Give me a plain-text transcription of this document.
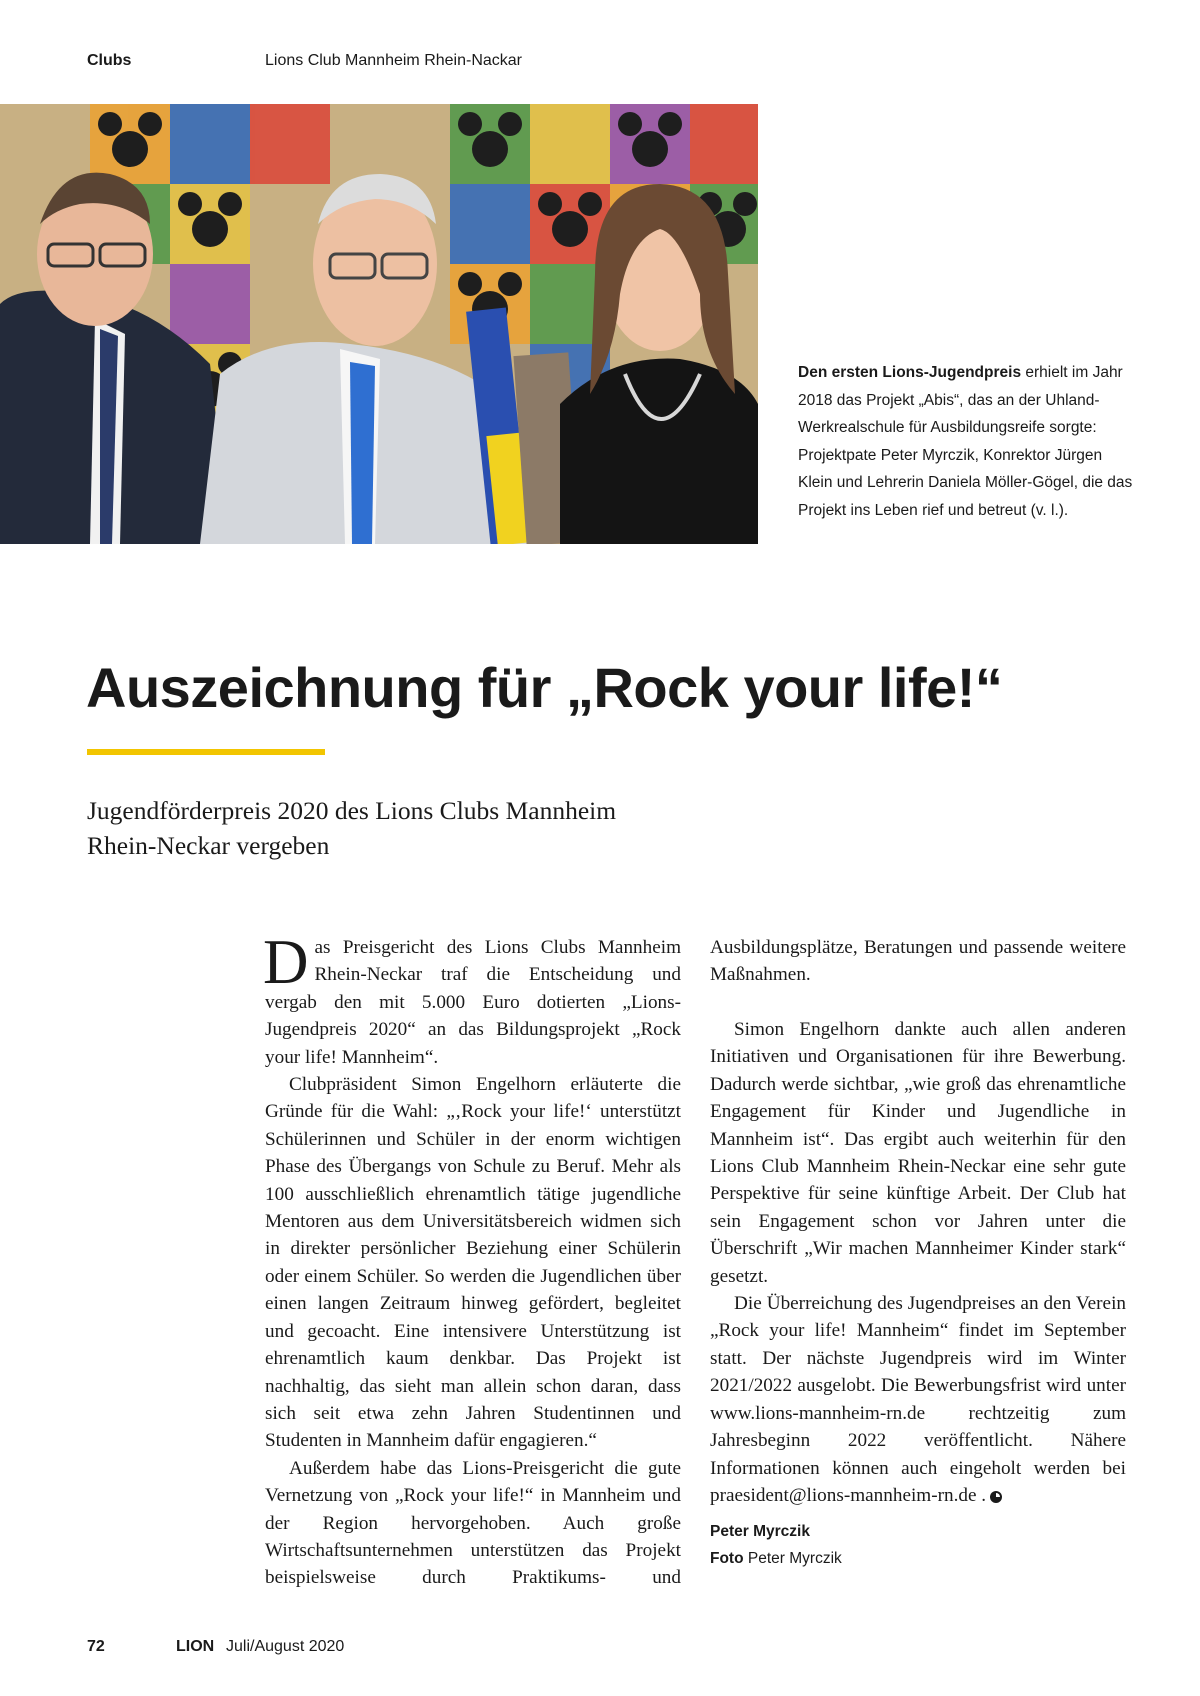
Clubs	Lions Club Mannheim Rhein-Nackar
Den ersten Lions-Jugendpreis erhielt im Jahr 2018 das Projekt „Abis“, das an der Uhland-Werkrealschule für Ausbildungsreife sorgte: Projektpate Peter Myrczik, Konrektor Jürgen Klein und Lehrerin Daniela Möller-Gögel, die das Projekt ins Leben rief und betreut (v. l.).
Auszeichnung für „Rock your life!“
Jugendförderpreis 2020 des Lions Clubs Mannheim Rhein-Neckar vergeben

Das Preisgericht des Lions Clubs Mannheim Rhein-Neckar traf die Entscheidung und vergab den mit 5.000 Euro dotierten „Lions-Jugendpreis 2020“ an das Bildungsprojekt „Rock your life! Mannheim“.

Clubpräsident Simon Engelhorn erläuterte die Gründe für die Wahl: „‚Rock your life!‘ unterstützt Schülerinnen und Schüler in der enorm wichtigen Phase des Übergangs von Schule zu Beruf. Mehr als 100 ausschließlich ehrenamtlich tätige jugendliche Mentoren aus dem Universitätsbereich widmen sich in direkter persönlicher Beziehung einer Schülerin oder einem Schüler. So werden die Jugendlichen über einen langen Zeitraum hinweg gefördert, begleitet und gecoacht. Eine intensivere Unterstützung ist ehrenamtlich kaum denkbar. Das Projekt ist nachhaltig, das sieht man allein schon daran, dass sich seit etwa zehn Jahren Studentinnen und Studenten in Mannheim dafür engagieren.“

Außerdem habe das Lions-Preisgericht die gute Vernetzung von „Rock your life!“ in Mannheim und der Region hervorgehoben. Auch große Wirtschaftsunternehmen unterstützen das Projekt beispielsweise durch Praktikums- und

Ausbildungsplätze, Beratungen und passende weitere Maßnahmen.

Simon Engelhorn dankte auch allen anderen Initiativen und Organisationen für ihre Bewerbung. Dadurch werde sichtbar, „wie groß das ehrenamtliche Engagement für Kinder und Jugendliche in Mannheim ist“. Das ergibt auch weiterhin für den Lions Club Mannheim Rhein-Neckar eine sehr gute Perspektive für seine künftige Arbeit. Der Club hat sein Engagement schon vor Jahren unter die Überschrift „Wir machen Mannheimer Kinder stark“ gesetzt.

Die Überreichung des Jugendpreises an den Verein „Rock your life! Mannheim“ findet im September statt. Der nächste Jugendpreis wird im Winter 2021/2022 ausgelobt. Die Bewerbungsfrist wird unter www.lions-mannheim-rn.de rechtzeitig zum Jahresbeginn 2022 veröffentlicht. Nähere Informationen können auch eingeholt werden bei praesident@lions-mannheim-rn.de .

Peter Myrczik
Foto Peter Myrczik
72	LION Juli/August 2020
